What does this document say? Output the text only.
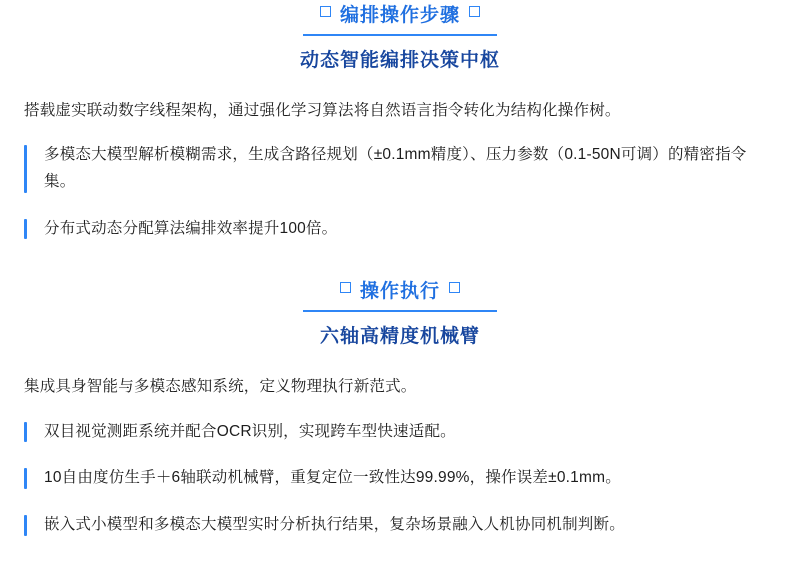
编排操作步骤
动态智能编排决策中枢

搭载虚实联动数字线程架构，通过强化学习算法将自然语言指令转化为结构化操作树。

多模态大模型解析模糊需求，生成含路径规划（±0.1mm精度）、压力参数（0.1-50N可调）的精密指令集。
分布式动态分配算法编排效率提升100倍。
操作执行
六轴高精度机械臂

集成具身智能与多模态感知系统，定义物理执行新范式。

双目视觉测距系统并配合OCR识别，实现跨车型快速适配。
10自由度仿生手＋6轴联动机械臂，重复定位一致性达99.99%，操作误差±0.1mm。
嵌入式小模型和多模态大模型实时分析执行结果，复杂场景融入人机协同机制判断。
